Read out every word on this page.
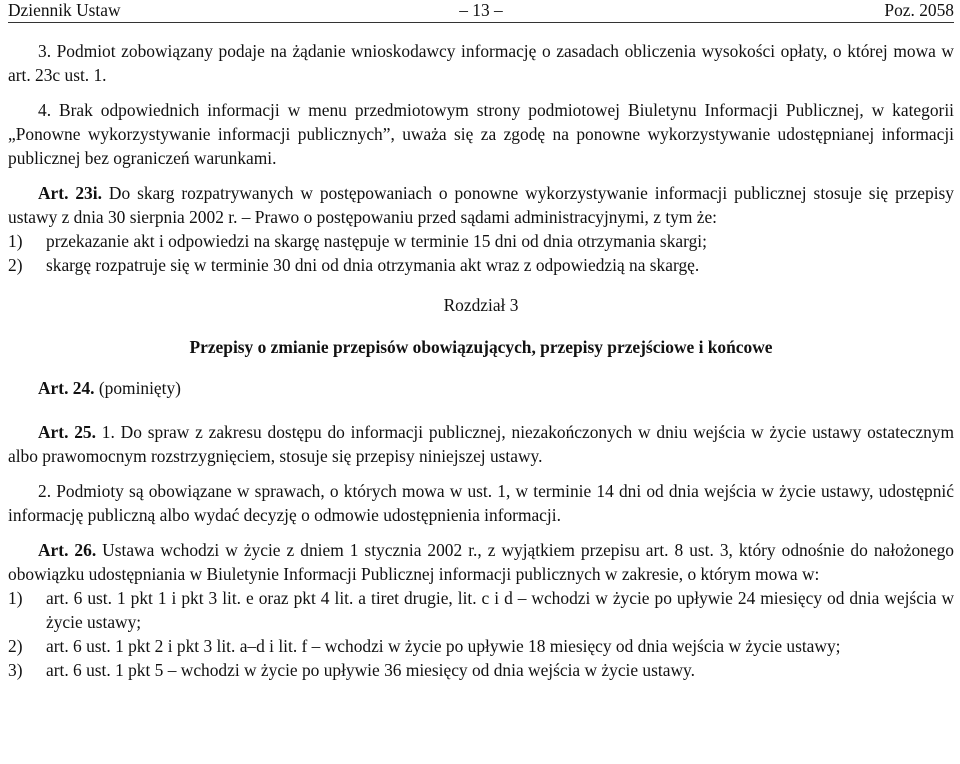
Dziennik Ustaw	– 13 –	Poz. 2058

3. Podmiot zobowiązany podaje na żądanie wnioskodawcy informację o zasadach obliczenia wysokości opłaty, o której mowa w art. 23c ust. 1.

4. Brak odpowiednich informacji w menu przedmiotowym strony podmiotowej Biuletynu Informacji Publicznej, w kategorii „Ponowne wykorzystywanie informacji publicznych”, uważa się za zgodę na ponowne wykorzystywanie udostępnianej informacji publicznej bez ograniczeń warunkami.

Art. 23i. Do skarg rozpatrywanych w postępowaniach o ponowne wykorzystywanie informacji publicznej stosuje się przepisy ustawy z dnia 30 sierpnia 2002 r. – Prawo o postępowaniu przed sądami administracyjnymi, z tym że:

1) przekazanie akt i odpowiedzi na skargę następuje w terminie 15 dni od dnia otrzymania skargi;

2) skargę rozpatruje się w terminie 30 dni od dnia otrzymania akt wraz z odpowiedzią na skargę.

Rozdział 3

Przepisy o zmianie przepisów obowiązujących, przepisy przejściowe i końcowe

Art. 24. (pominięty)

Art. 25. 1. Do spraw z zakresu dostępu do informacji publicznej, niezakończonych w dniu wejścia w życie ustawy ostatecznym albo prawomocnym rozstrzygnięciem, stosuje się przepisy niniejszej ustawy.

2. Podmioty są obowiązane w sprawach, o których mowa w ust. 1, w terminie 14 dni od dnia wejścia w życie ustawy, udostępnić informację publiczną albo wydać decyzję o odmowie udostępnienia informacji.

Art. 26. Ustawa wchodzi w życie z dniem 1 stycznia 2002 r., z wyjątkiem przepisu art. 8 ust. 3, który odnośnie do nałożonego obowiązku udostępniania w Biuletynie Informacji Publicznej informacji publicznych w zakresie, o którym mowa w:

1) art. 6 ust. 1 pkt 1 i pkt 3 lit. e oraz pkt 4 lit. a tiret drugie, lit. c i d – wchodzi w życie po upływie 24 miesięcy od dnia wejścia w życie ustawy;

2) art. 6 ust. 1 pkt 2 i pkt 3 lit. a–d i lit. f – wchodzi w życie po upływie 18 miesięcy od dnia wejścia w życie ustawy;

3) art. 6 ust. 1 pkt 5 – wchodzi w życie po upływie 36 miesięcy od dnia wejścia w życie ustawy.
